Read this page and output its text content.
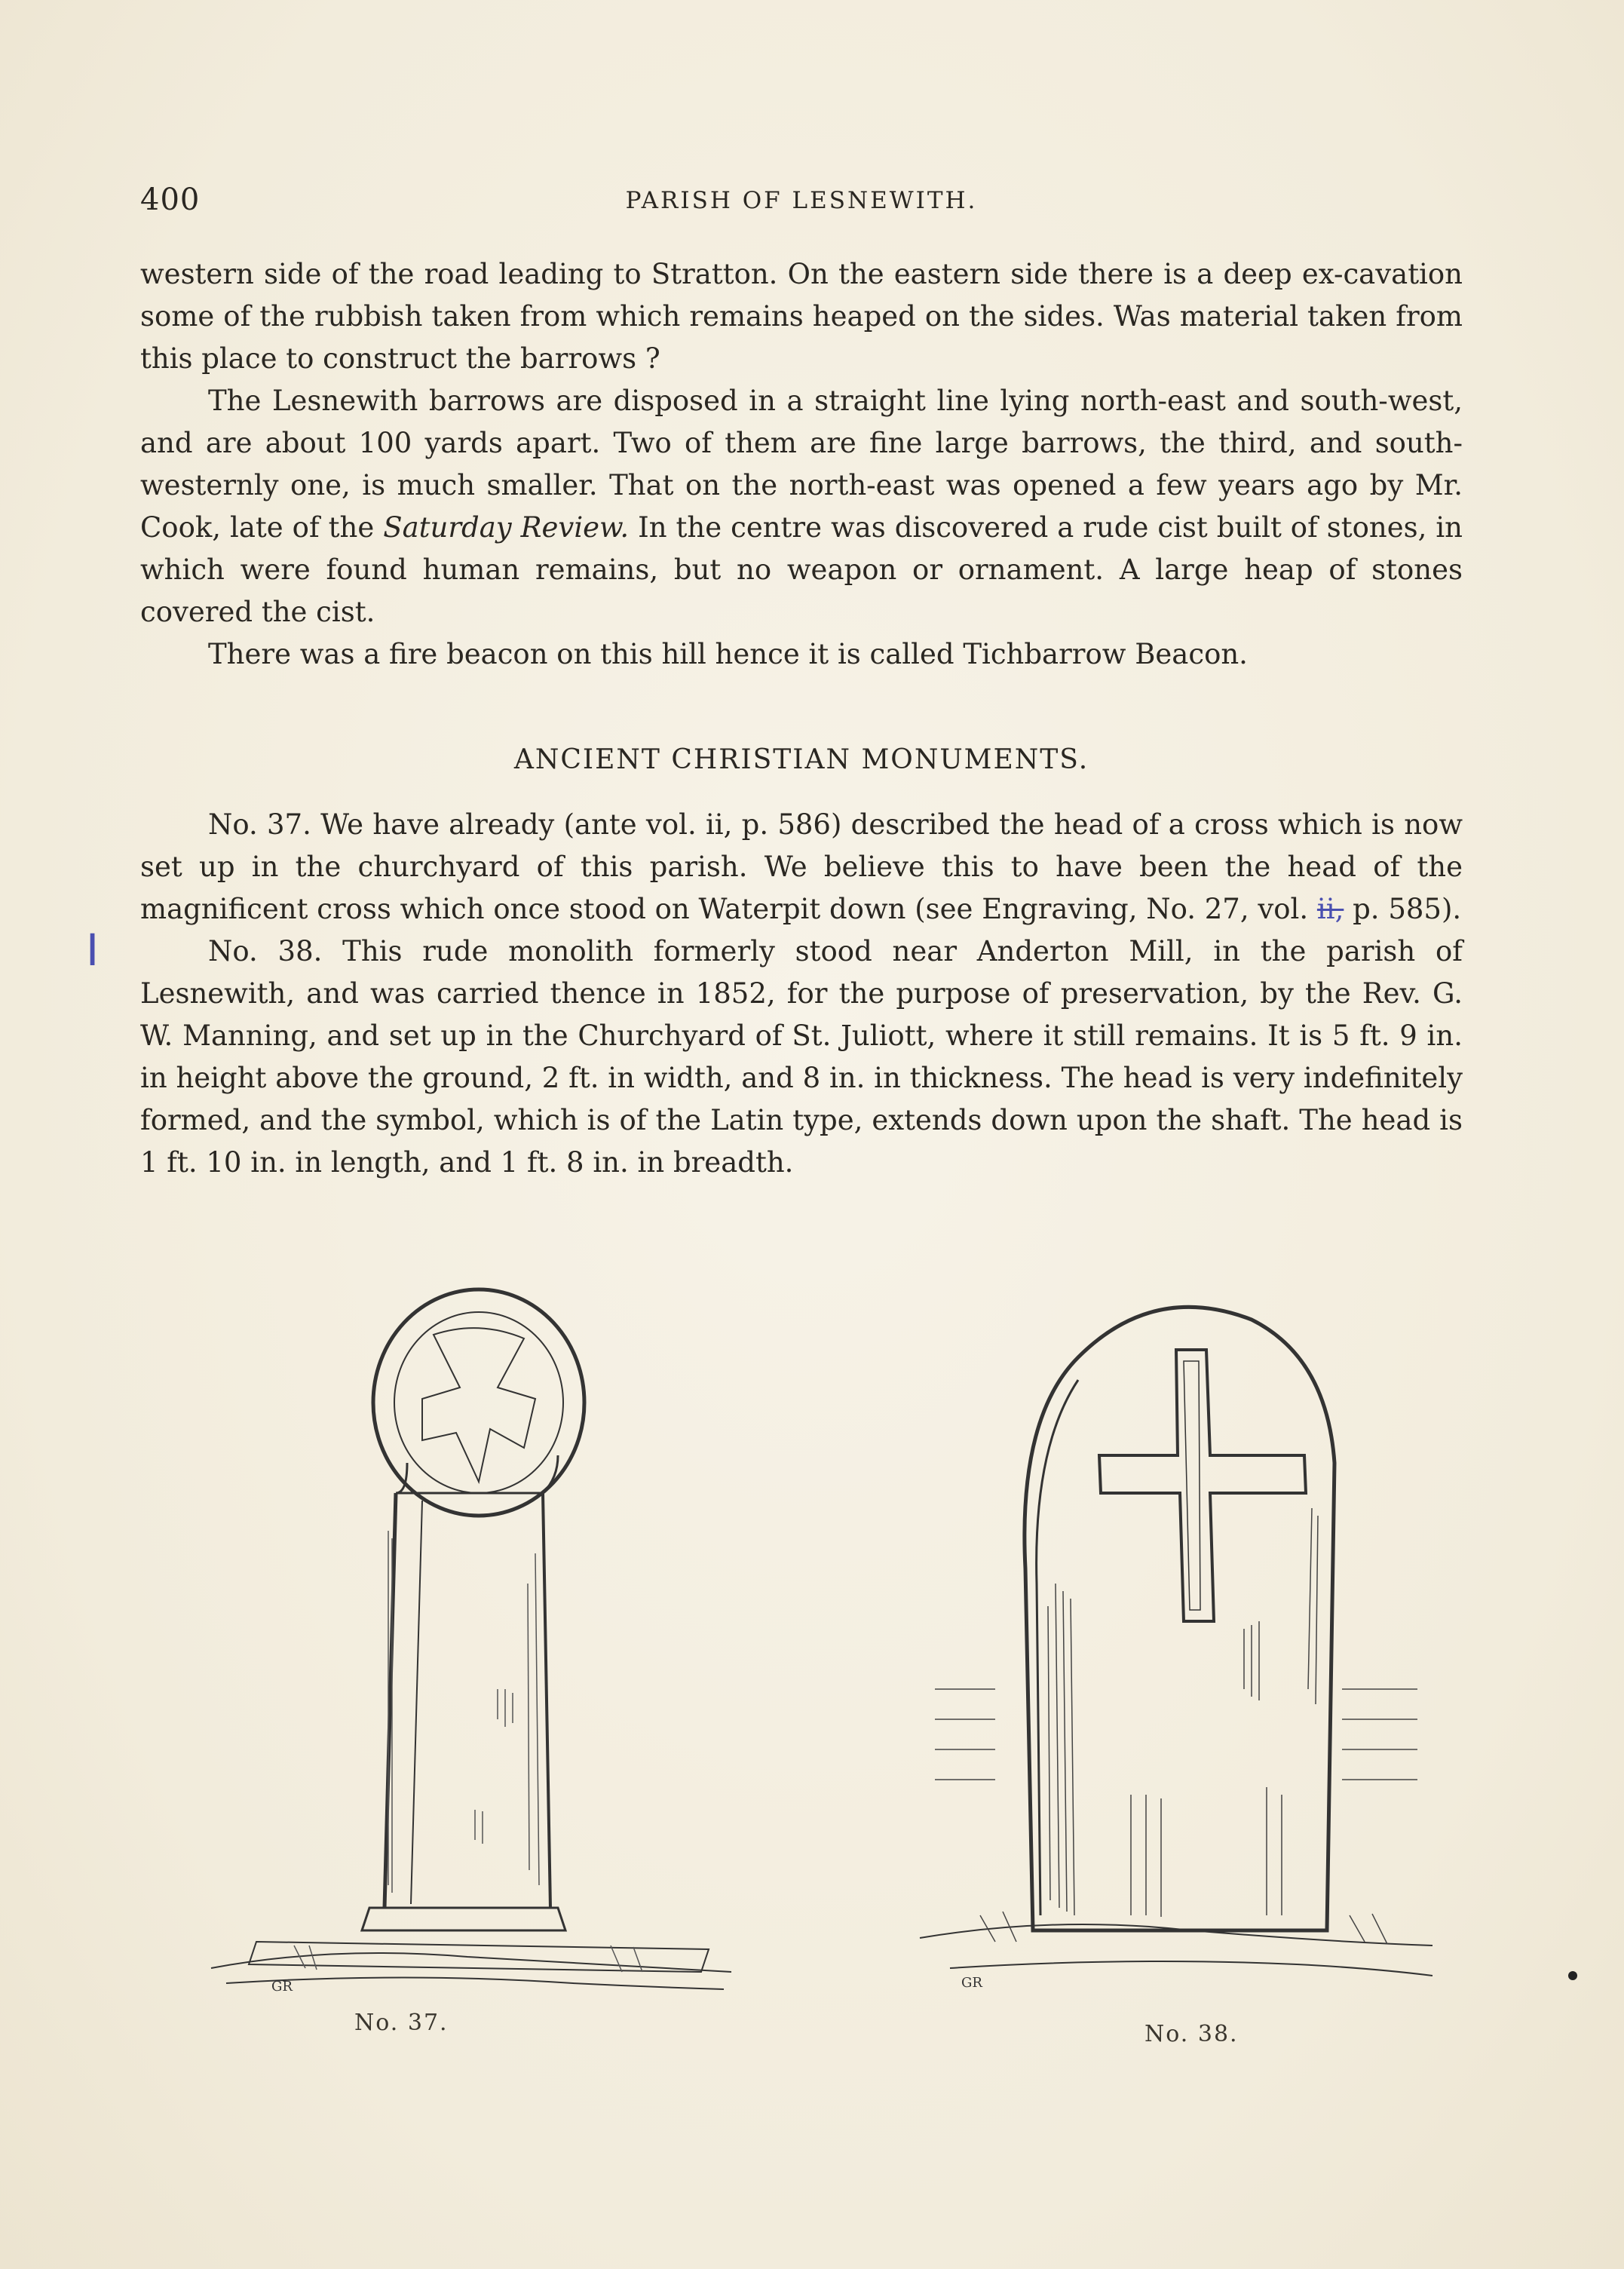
400	PARISH OF LESNEWITH.

western side of the road leading to Stratton. On the eastern side there is a deep ex-cavation some of the rubbish taken from which remains heaped on the sides. Was material taken from this place to construct the barrows ?

The Lesnewith barrows are disposed in a straight line lying north-east and south-west, and are about 100 yards apart. Two of them are fine large barrows, the third, and south-westernly one, is much smaller. That on the north-east was opened a few years ago by Mr. Cook, late of the Saturday Review. In the centre was discovered a rude cist built of stones, in which were found human remains, but no weapon or ornament. A large heap of stones covered the cist.

There was a fire beacon on this hill hence it is called Tichbarrow Beacon.

ANCIENT CHRISTIAN MONUMENTS.
I

No. 37. We have already (ante vol. ii, p. 586) described the head of a cross which is now set up in the churchyard of this parish. We believe this to have been the head of the magnificent cross which once stood on Waterpit down (see Engraving, No. 27, vol. ii, p. 585).

No. 38. This rude monolith formerly stood near Anderton Mill, in the parish of Lesnewith, and was carried thence in 1852, for the purpose of preservation, by the Rev. G. W. Manning, and set up in the Churchyard of St. Juliott, where it still remains. It is 5 ft. 9 in. in height above the ground, 2 ft. in width, and 8 in. in thickness. The head is very indefinitely formed, and the symbol, which is of the Latin type, extends down upon the shaft. The head is 1 ft. 10 in. in length, and 1 ft. 8 in. in breadth.

GR
No. 37.
GR
No. 38.
